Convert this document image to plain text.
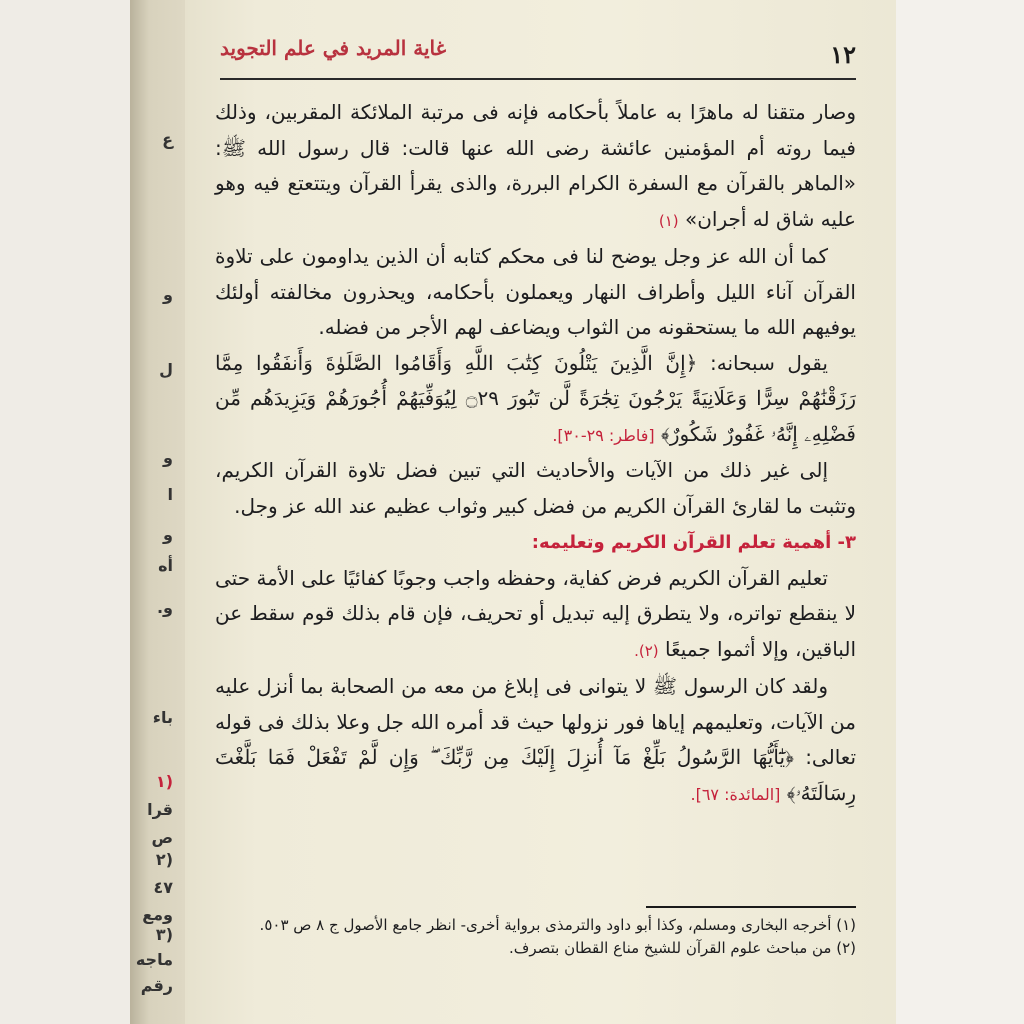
ع
و
ل
و
ا
و
أه
و.
باء
(١
قرا
ص
(٢
٤٧
ومع
(٣
ماجه
رقم
غاية المريد في علم التجويد	١٢

وصار متقنا له ماهرًا به عاملاً بأحكامه فإنه فى مرتبة الملائكة المقربين، وذلك فيما روته أم المؤمنين عائشة رضى الله عنها قالت: قال رسول الله ﷺ: «الماهر بالقرآن مع السفرة الكرام البررة، والذى يقرأ القرآن ويتتعتع فيه وهو عليه شاق له أجران» (١)

كما أن الله عز وجل يوضح لنا فى محكم كتابه أن الذين يداومون على تلاوة القرآن آناء الليل وأطراف النهار ويعملون بأحكامه، ويحذرون مخالفته أولئك يوفيهم الله ما يستحقونه من الثواب ويضاعف لهم الأجر من فضله.

يقول سبحانه: ﴿إِنَّ الَّذِينَ يَتْلُونَ كِتَٰبَ اللَّهِ وَأَقَامُوا الصَّلَوٰةَ وَأَنفَقُوا مِمَّا رَزَقْنَٰهُمْ سِرًّا وَعَلَانِيَةً يَرْجُونَ تِجَٰرَةً لَّن تَبُورَ ۝٢٩ لِيُوَفِّيَهُمْ أُجُورَهُمْ وَيَزِيدَهُم مِّن فَضْلِهِۦ إِنَّهُۥ غَفُورٌ شَكُورٌ﴾ [فاطر: ٢٩-٣٠].

إلى غير ذلك من الآيات والأحاديث التي تبين فضل تلاوة القرآن الكريم، وتثبت ما لقارئ القرآن الكريم من فضل كبير وثواب عظيم عند الله عز وجل.

٣- أهمية تعلم القرآن الكريم وتعليمه:

تعليم القرآن الكريم فرض كفاية، وحفظه واجب وجوبًا كفائيًا على الأمة حتى لا ينقطع تواتره، ولا يتطرق إليه تبديل أو تحريف، فإن قام بذلك قوم سقط عن الباقين، وإلا أثموا جميعًا (٢).

ولقد كان الرسول ﷺ لا يتوانى فى إبلاغ من معه من الصحابة بما أنزل عليه من الآيات، وتعليمهم إياها فور نزولها حيث قد أمره الله جل وعلا بذلك فى قوله تعالى: ﴿يَٰٓأَيُّهَا الرَّسُولُ بَلِّغْ مَآ أُنزِلَ إِلَيْكَ مِن رَّبِّكَ ۖ وَإِن لَّمْ تَفْعَلْ فَمَا بَلَّغْتَ رِسَالَتَهُۥ﴾ [المائدة: ٦٧].

(١) أخرجه البخارى ومسلم، وكذا أبو داود والترمذى برواية أخرى- انظر جامع الأصول ج ٨ ص ٥٠٣.

(٢) من مباحث علوم القرآن للشيخ مناع القطان بتصرف.
